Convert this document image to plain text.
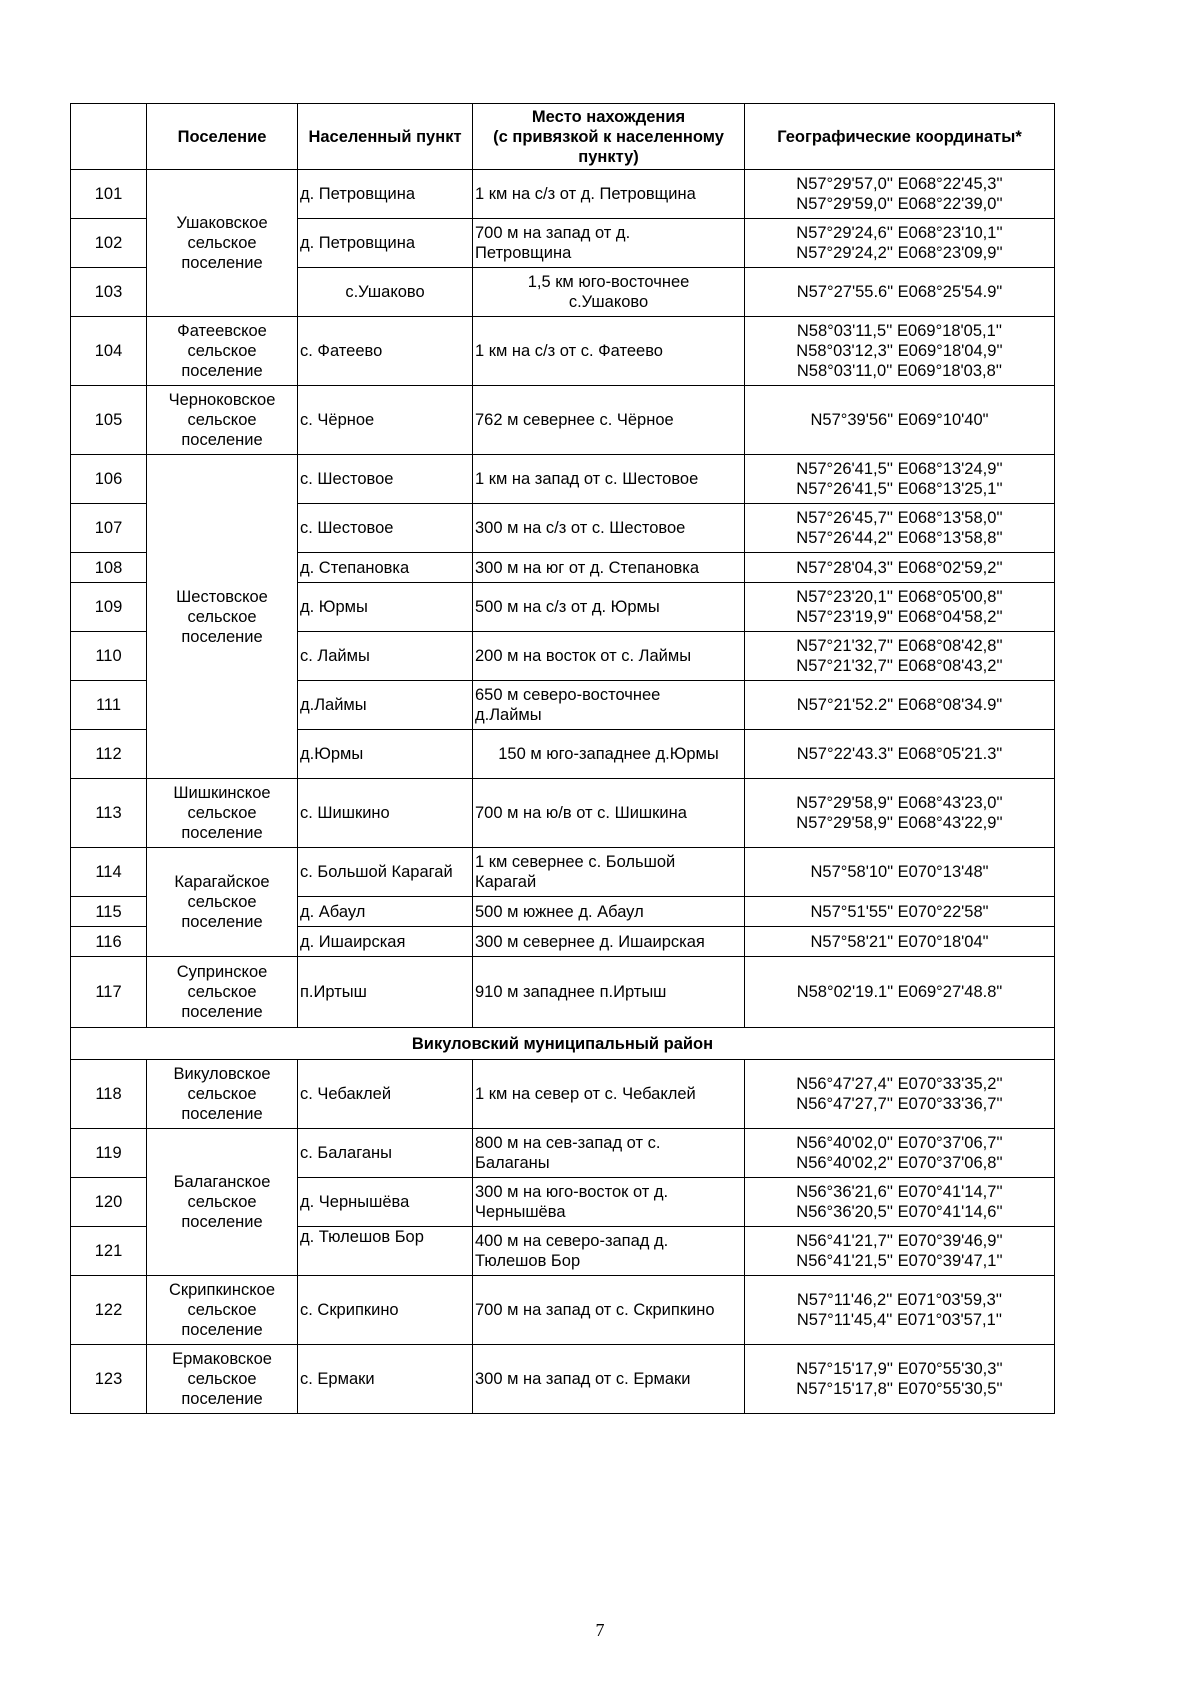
	Поселение	Населенный пункт	Место нахождения
(с привязкой к населенному
пункту)	Географические координаты*
101	Ушаковское
сельское
поселение	д. Петровщина	1 км на с/з от д. Петровщина	N57°29'57,0'' E068°22'45,3''
N57°29'59,0'' E068°22'39,0''

102		д. Петровщина	700 м на запад от д.
Петровщина	N57°29'24,6'' E068°23'10,1''
N57°29'24,2'' E068°23'09,9''

103		с.Ушаково	1,5 км юго-восточнее
с.Ушаково	N57°27'55.6" E068°25'54.9"

104	Фатеевское
сельское
поселение	с. Фатеево	1 км на с/з от с. Фатеево	N58°03'11,5'' E069°18'05,1''
N58°03'12,3'' E069°18'04,9''
N58°03'11,0'' E069°18'03,8''

105	Черноковское
сельское
поселение	с. Чёрное	762 м севернее с. Чёрное	N57°39'56" E069°10'40"

106	Шестовское
сельское
поселение	с. Шестовое	1 км на запад от с. Шестовое	N57°26'41,5'' E068°13'24,9''
N57°26'41,5'' E068°13'25,1''

107		с. Шестовое	300 м на с/з от с. Шестовое	N57°26'45,7'' E068°13'58,0''
N57°26'44,2'' E068°13'58,8''

108		д. Степановка	300 м на юг от д. Степановка	N57°28'04,3'' E068°02'59,2''

109		д. Юрмы	500 м на с/з от д. Юрмы	N57°23'20,1'' E068°05'00,8''
N57°23'19,9'' E068°04'58,2''

110		с. Лаймы	200 м на восток от с. Лаймы	N57°21'32,7'' E068°08'42,8''
N57°21'32,7'' E068°08'43,2''

111		д.Лаймы	650 м северо-восточнее
д.Лаймы	N57°21'52.2" E068°08'34.9"

112		д.Юрмы	150 м юго-западнее д.Юрмы	N57°22'43.3" E068°05'21.3"

113	Шишкинское
сельское
поселение	с. Шишкино	700 м на ю/в от с. Шишкина	N57°29'58,9'' E068°43'23,0''
N57°29'58,9'' E068°43'22,9''

114	Карагайское
сельское
поселение	с. Большой Карагай	1 км севернее с. Большой
Карагай	N57°58'10" E070°13'48"

115		д. Абаул	500 м южнее д. Абаул	N57°51'55" E070°22'58"

116		д. Ишаирская	300 м севернее д. Ишаирская	N57°58'21" E070°18'04"

117	Супринское
сельское
поселение	п.Иртыш	910 м западнее п.Иртыш	N58°02'19.1" E069°27'48.8"

Викуловский муниципальный район				
118	Викуловское
сельское
поселение	с. Чебаклей	1 км на север от с. Чебаклей	N56°47'27,4'' E070°33'35,2''
N56°47'27,7'' E070°33'36,7''

119	Балаганское
сельское
поселение	с. Балаганы	800 м на сев-запад от с.
Балаганы	N56°40'02,0'' E070°37'06,7''
N56°40'02,2'' E070°37'06,8''

120		д. Чернышёва	300 м на юго-восток от д.
Чернышёва	N56°36'21,6'' E070°41'14,7''
N56°36'20,5'' E070°41'14,6''

121		д. Тюлешов Бор	400 м на северо-запад д.
Тюлешов Бор	N56°41'21,7'' E070°39'46,9''
N56°41'21,5'' E070°39'47,1''

122	Скрипкинское
сельское
поселение	с. Скрипкино	700 м на запад от с. Скрипкино	N57°11'46,2'' E071°03'59,3''
N57°11'45,4'' E071°03'57,1''

123	Ермаковское
сельское
поселение	с. Ермаки	300 м на запад от с. Ермаки	N57°15'17,9'' E070°55'30,3''
N57°15'17,8'' E070°55'30,5''
7
